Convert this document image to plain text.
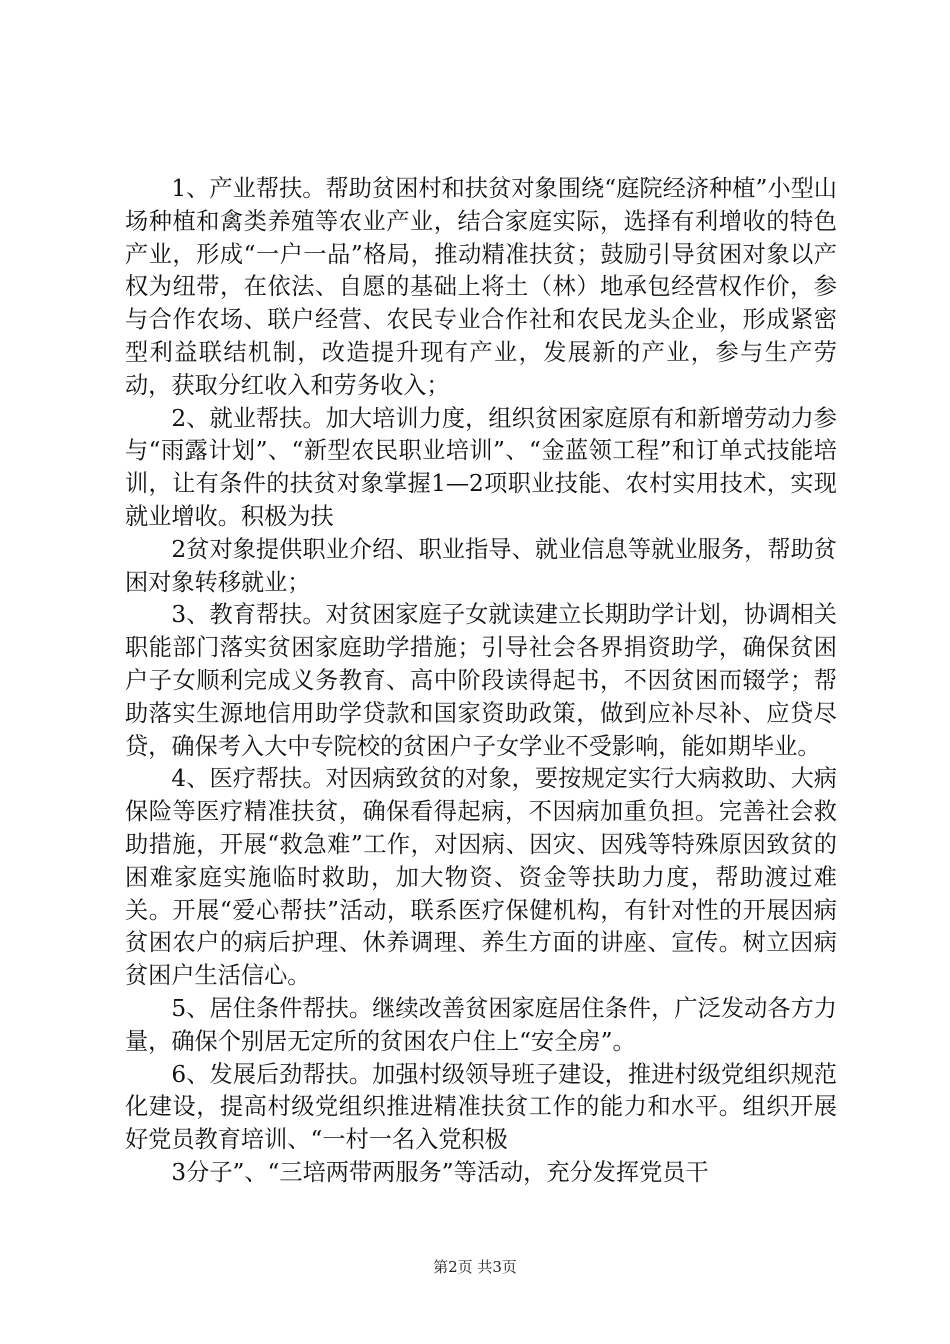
1、产业帮扶。帮助贫困村和扶贫对象围绕“庭院经济种植”小型山场种植和禽类养殖等农业产业，结合家庭实际，选择有利增收的特色产业，形成“一户一品”格局，推动精准扶贫；鼓励引导贫困对象以产权为纽带，在依法、自愿的基础上将土（林）地承包经营权作价，参与合作农场、联户经营、农民专业合作社和农民龙头企业，形成紧密型利益联结机制，改造提升现有产业，发展新的产业，参与生产劳动，获取分红收入和劳务收入；

2、就业帮扶。加大培训力度，组织贫困家庭原有和新增劳动力参与“雨露计划”、“新型农民职业培训”、“金蓝领工程”和订单式技能培训，让有条件的扶贫对象掌握1—2项职业技能、农村实用技术，实现就业增收。积极为扶

2贫对象提供职业介绍、职业指导、就业信息等就业服务，帮助贫困对象转移就业；

3、教育帮扶。对贫困家庭子女就读建立长期助学计划，协调相关职能部门落实贫困家庭助学措施；引导社会各界捐资助学，确保贫困户子女顺利完成义务教育、高中阶段读得起书，不因贫困而辍学；帮助落实生源地信用助学贷款和国家资助政策，做到应补尽补、应贷尽贷，确保考入大中专院校的贫困户子女学业不受影响，能如期毕业。

4、医疗帮扶。对因病致贫的对象，要按规定实行大病救助、大病保险等医疗精准扶贫，确保看得起病，不因病加重负担。完善社会救助措施，开展“救急难”工作，对因病、因灾、因残等特殊原因致贫的困难家庭实施临时救助，加大物资、资金等扶助力度，帮助渡过难关。开展“爱心帮扶”活动，联系医疗保健机构，有针对性的开展因病贫困农户的病后护理、休养调理、养生方面的讲座、宣传。树立因病贫困户生活信心。

5、居住条件帮扶。继续改善贫困家庭居住条件，广泛发动各方力量，确保个别居无定所的贫困农户住上“安全房”。

6、发展后劲帮扶。加强村级领导班子建设，推进村级党组织规范化建设，提高村级党组织推进精准扶贫工作的能力和水平。组织开展好党员教育培训、“一村一名入党积极

3分子”、“三培两带两服务”等活动，充分发挥党员干

第2页 共3页
